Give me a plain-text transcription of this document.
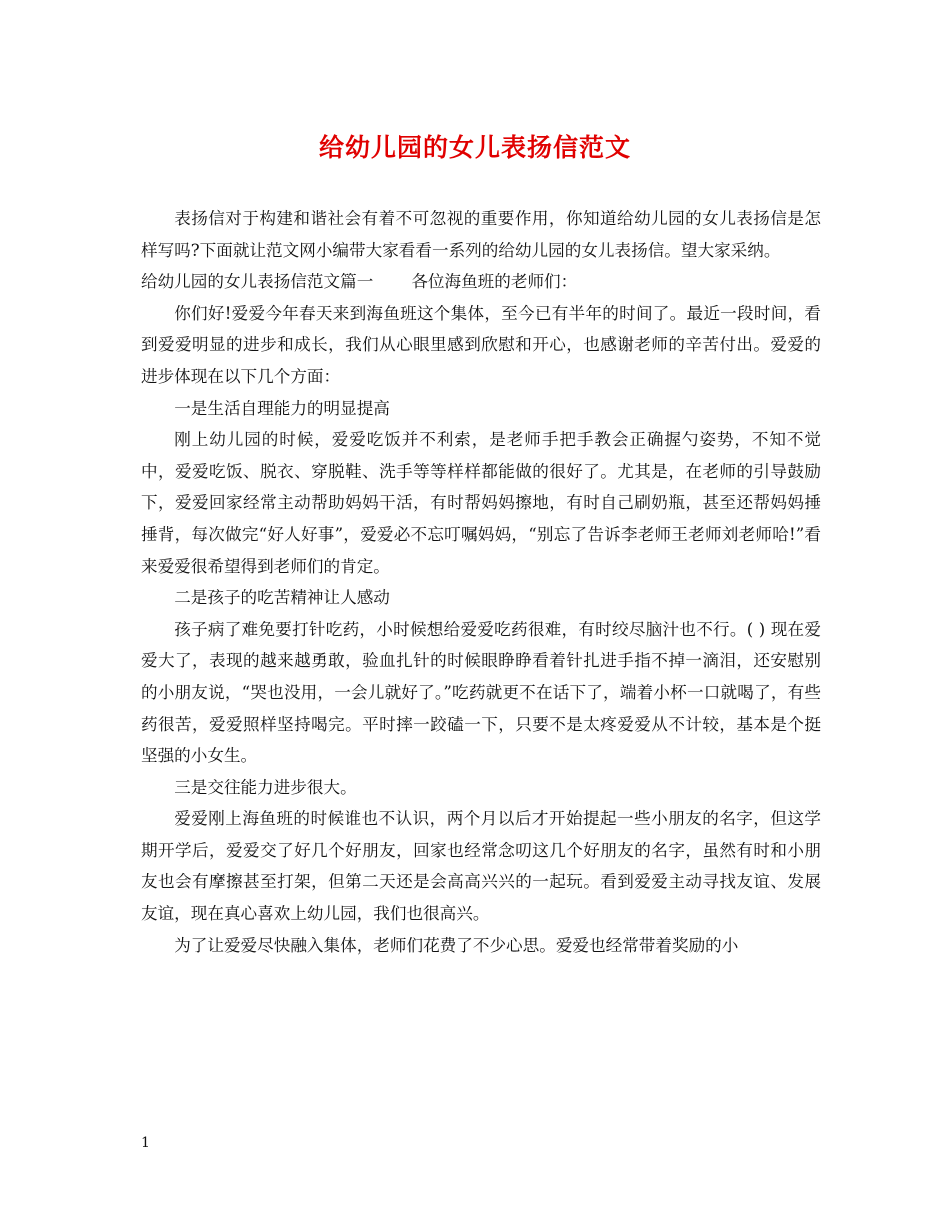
给幼儿园的女儿表扬信范文

表扬信对于构建和谐社会有着不可忽视的重要作用，你知道给幼儿园的女儿表扬信是怎样写吗?下面就让范文网小编带大家看看一系列的给幼儿园的女儿表扬信。望大家采纳。

给幼儿园的女儿表扬信范文篇一 各位海鱼班的老师们：

你们好!爱爱今年春天来到海鱼班这个集体，至今已有半年的时间了。最近一段时间，看到爱爱明显的进步和成长，我们从心眼里感到欣慰和开心，也感谢老师的辛苦付出。爱爱的进步体现在以下几个方面：

一是生活自理能力的明显提高

刚上幼儿园的时候，爱爱吃饭并不利索，是老师手把手教会正确握勺姿势，不知不觉中，爱爱吃饭、脱衣、穿脱鞋、洗手等等样样都能做的很好了。尤其是，在老师的引导鼓励下，爱爱回家经常主动帮助妈妈干活，有时帮妈妈擦地，有时自己刷奶瓶，甚至还帮妈妈捶捶背，每次做完“好人好事”，爱爱必不忘叮嘱妈妈，“别忘了告诉李老师王老师刘老师哈!”看来爱爱很希望得到老师们的肯定。

二是孩子的吃苦精神让人感动

孩子病了难免要打针吃药，小时候想给爱爱吃药很难，有时绞尽脑汁也不行。( ) 现在爱爱大了，表现的越来越勇敢，验血扎针的时候眼睁睁看着针扎进手指不掉一滴泪，还安慰别的小朋友说，“哭也没用，一会儿就好了。”吃药就更不在话下了，端着小杯一口就喝了，有些药很苦，爱爱照样坚持喝完。平时摔一跤磕一下，只要不是太疼爱爱从不计较，基本是个挺坚强的小女生。

三是交往能力进步很大。

爱爱刚上海鱼班的时候谁也不认识，两个月以后才开始提起一些小朋友的名字，但这学期开学后，爱爱交了好几个好朋友，回家也经常念叨这几个好朋友的名字，虽然有时和小朋友也会有摩擦甚至打架，但第二天还是会高高兴兴的一起玩。看到爱爱主动寻找友谊、发展友谊，现在真心喜欢上幼儿园，我们也很高兴。

为了让爱爱尽快融入集体，老师们花费了不少心思。爱爱也经常带着奖励的小

1
